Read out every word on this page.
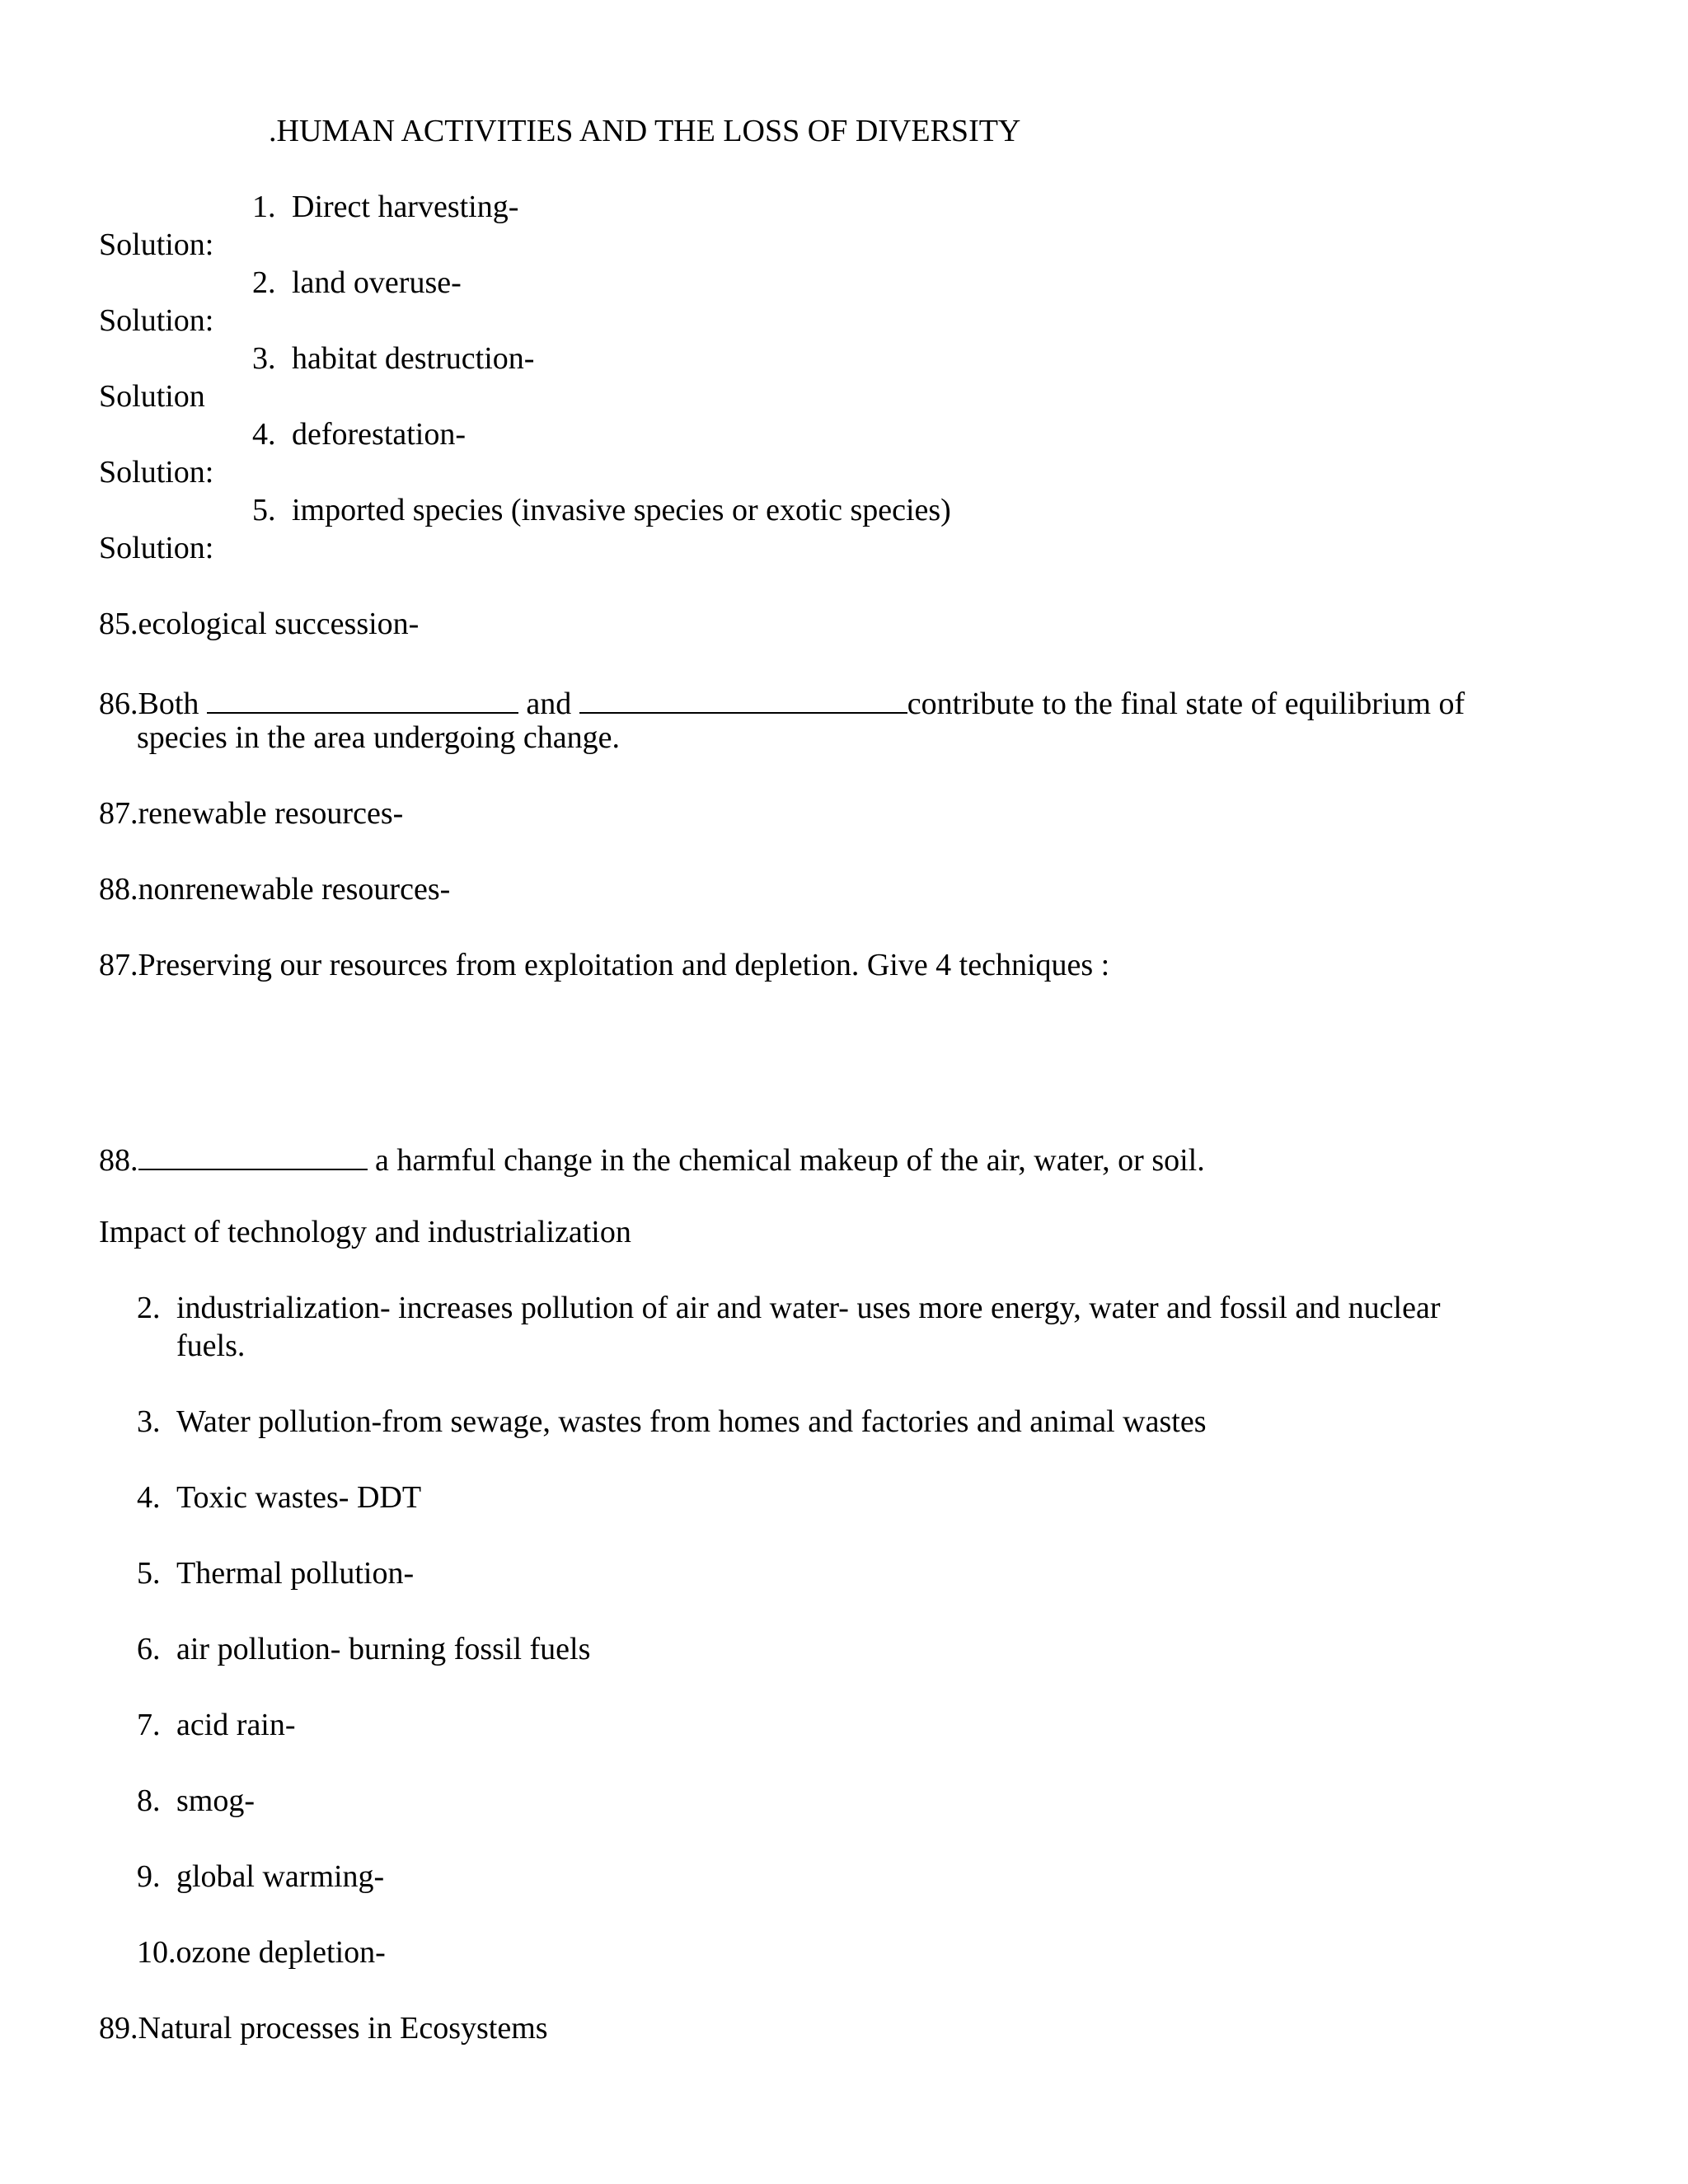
.HUMAN ACTIVITIES AND THE LOSS OF DIVERSITY
1. Direct harvesting-
Solution:
2. land overuse-
Solution:
3. habitat destruction-
Solution
4. deforestation-
Solution:
5. imported species (invasive species or exotic species)
Solution:
85.ecological succession-
86.Both	and	contribute to the final state of equilibrium of
species in the area undergoing change.
87.renewable resources-
88.nonrenewable resources-
87.Preserving our resources from exploitation and depletion. Give 4 techniques :
88.	a harmful change in the chemical makeup of the air, water, or soil.
Impact of technology and industrialization
2. industrialization- increases pollution of air and water- uses more energy, water and fossil and nuclear
fuels.
3. Water pollution-from sewage, wastes from homes and factories and animal wastes
4. Toxic wastes- DDT
5. Thermal pollution-
6. air pollution- burning fossil fuels
7. acid rain-
8. smog-
9. global warming-
10.ozone depletion-
89.Natural processes in Ecosystems
